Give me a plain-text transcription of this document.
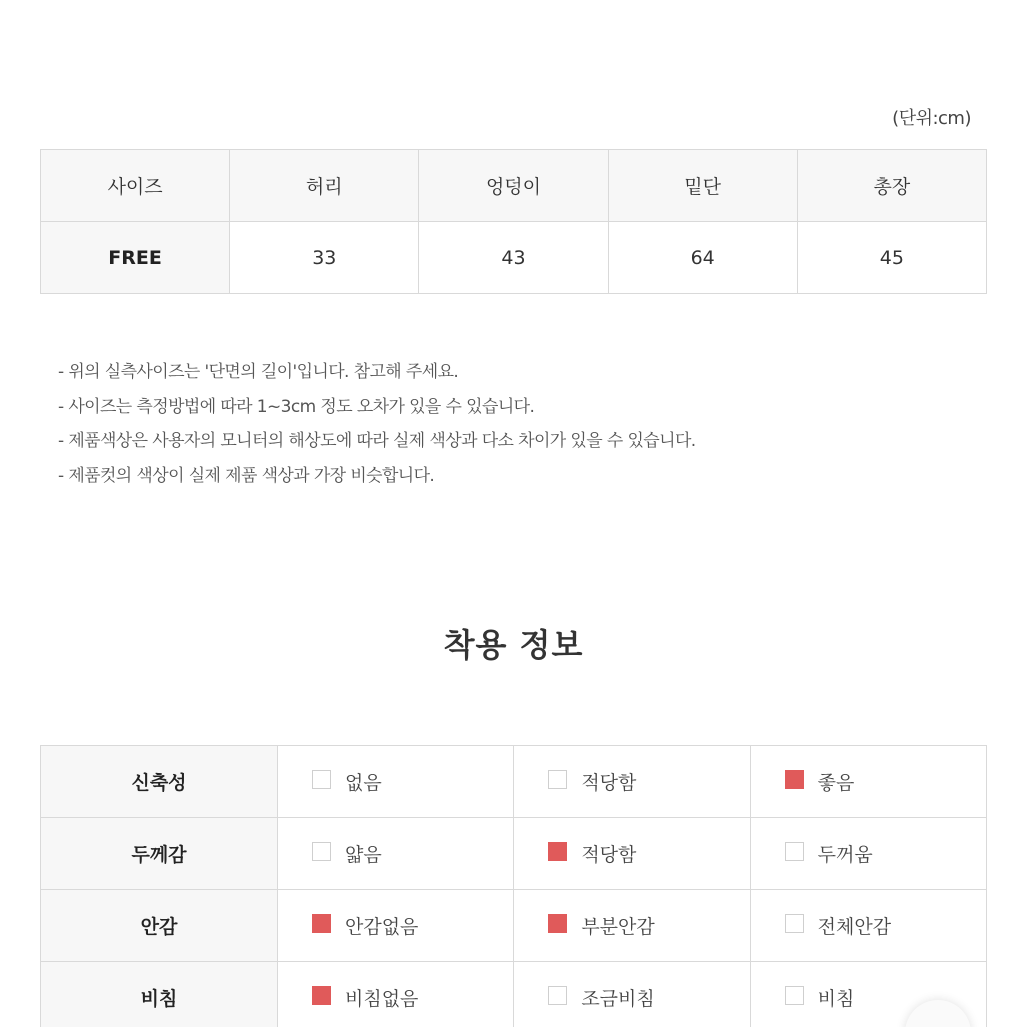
(단위:cm)
사이즈	허리	엉덩이	밑단	총장
FREE	33	43	64	45
- 위의 실측사이즈는 '단면의 길이'입니다. 참고해 주세요.
- 사이즈는 측정방법에 따라 1~3cm 정도 오차가 있을 수 있습니다.
- 제품색상은 사용자의 모니터의 해상도에 따라 실제 색상과 다소 차이가 있을 수 있습니다.
- 제품컷의 색상이 실제 제품 색상과 가장 비슷합니다.
착용 정보
신축성	없음	적당함	좋음
두께감	얇음	적당함	두꺼움
안감	안감없음	부분안감	전체안감
비침	비침없음	조금비침	비침
